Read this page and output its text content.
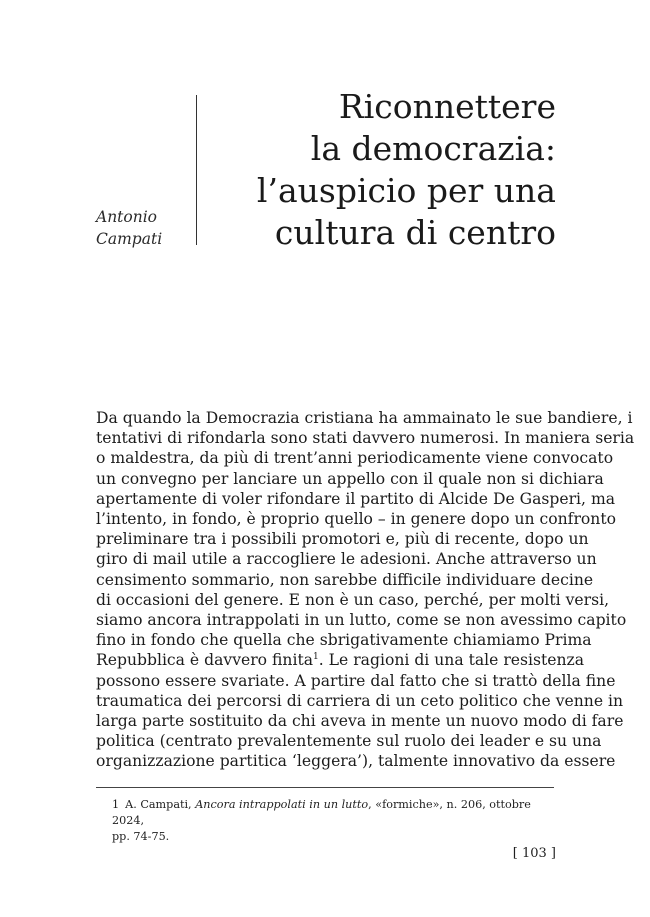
Antonio
Campati
Riconnettere
la democrazia:
l’auspicio per una
cultura di centro
Da quando la Democrazia cristiana ha ammainato le sue bandiere, i
tentativi di rifondarla sono stati davvero numerosi. In maniera seria
o maldestra, da più di trent’anni periodicamente viene convocato
un convegno per lanciare un appello con il quale non si dichiara
apertamente di voler rifondare il partito di Alcide De Gasperi, ma
l’intento, in fondo, è proprio quello – in genere dopo un confronto
preliminare tra i possibili promotori e, più di recente, dopo un
giro di mail utile a raccogliere le adesioni. Anche attraverso un
censimento sommario, non sarebbe difficile individuare decine
di occasioni del genere. E non è un caso, perché, per molti versi,
siamo ancora intrappolati in un lutto, come se non avessimo capito
fino in fondo che quella che sbrigativamente chiamiamo Prima
Repubblica è davvero finita$^1$. Le ragioni di una tale resistenza
possono essere svariate. A partire dal fatto che si trattò della fine
traumatica dei percorsi di carriera di un ceto politico che venne in
larga parte sostituito da chi aveva in mente un nuovo modo di fare
politica (centrato prevalentemente sul ruolo dei leader e su una
organizzazione partitica ‘leggera’), talmente innovativo da essere
1 A. Campati, Ancora intrappolati in un lutto, «formiche», n. 206, ottobre 2024,
pp. 74-75.
[ 103 ]
